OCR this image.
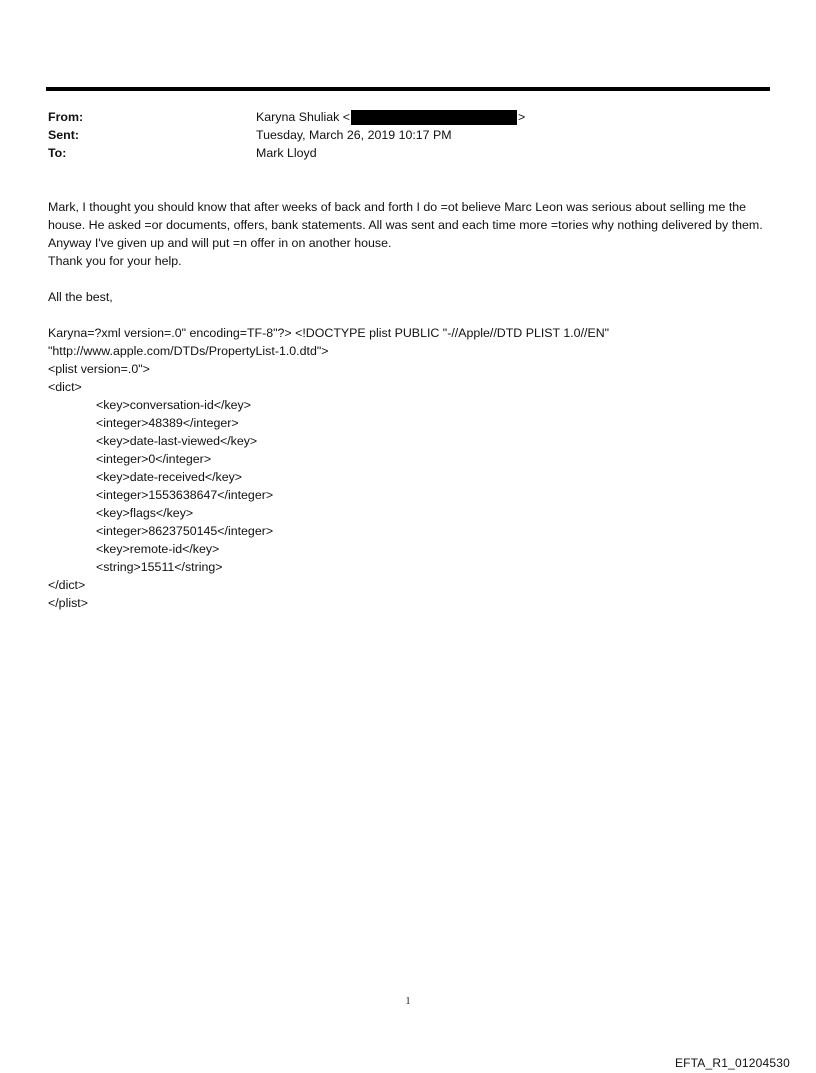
From:	Karyna Shuliak <	>
Sent:	Tuesday, March 26, 2019 10:17 PM
To:	Mark Lloyd

Mark, I thought you should know that after weeks of back and forth I do =ot believe Marc Leon was serious about selling me the house. He asked =or documents, offers, bank statements. All was sent and each time more =tories why nothing delivered by them. Anyway I've given up and will put =n offer in on another house.

Thank you for your help.

All the best,

Karyna=?xml version=.0" encoding=TF-8"?> <!DOCTYPE plist PUBLIC "-//Apple//DTD PLIST 1.0//EN"

"http://www.apple.com/DTDs/PropertyList-1.0.dtd">

<plist version=.0">

<dict>

<key>conversation-id</key>

<integer>48389</integer>

<key>date-last-viewed</key>

<integer>0</integer>

<key>date-received</key>

<integer>1553638647</integer>

<key>flags</key>

<integer>8623750145</integer>

<key>remote-id</key>

<string>15511</string>

</dict>

</plist>

1
EFTA_R1_01204530
